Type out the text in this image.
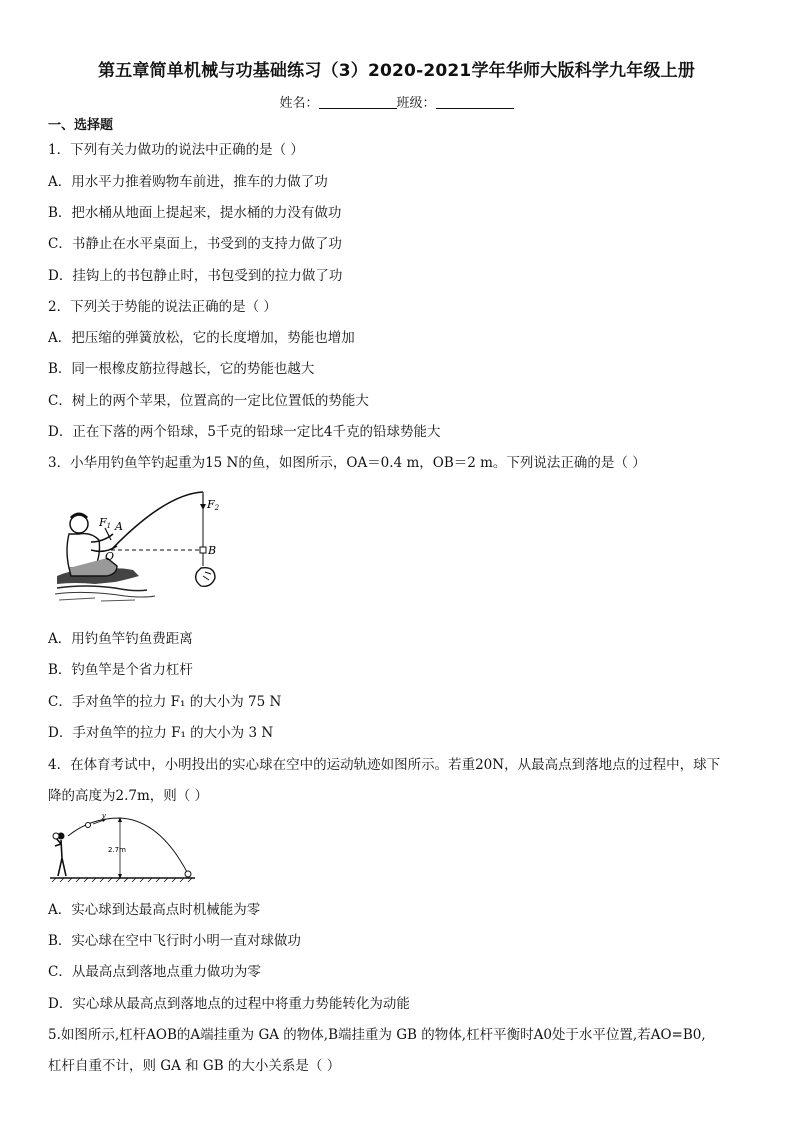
第五章简单机械与功基础练习（3）2020-2021学年华师大版科学九年级上册
姓名：	班级：
一、选择题
1．下列有关力做功的说法中正确的是（ ）
A．用水平力推着购物车前进，推车的力做了功
B．把水桶从地面上提起来，提水桶的力没有做功
C．书静止在水平桌面上，书受到的支持力做了功
D．挂钩上的书包静止时，书包受到的拉力做了功
2．下列关于势能的说法正确的是（ ）
A．把压缩的弹簧放松，它的长度增加，势能也增加
B．同一根橡皮筋拉得越长，它的势能也越大
C．树上的两个苹果，位置高的一定比位置低的势能大
D．正在下落的两个铅球，5千克的铅球一定比4千克的铅球势能大
3．小华用钓鱼竿钓起重为15 N的鱼，如图所示，OA＝0.4 m，OB＝2 m。下列说法正确的是（ ）
F1 A
O	B
F2
A．用钓鱼竿钓鱼费距离
B．钓鱼竿是个省力杠杆
C．手对鱼竿的拉力 F₁ 的大小为 75 N
D．手对鱼竿的拉力 F₁ 的大小为 3 N
4．在体育考试中，小明投出的实心球在空中的运动轨迹如图所示。若重20N，从最高点到落地点的过程中，球下
降的高度为2.7m，则（ ）
v
2.7m
A．实心球到达最高点时机械能为零
B．实心球在空中飞行时小明一直对球做功
C．从最高点到落地点重力做功为零
D．实心球从最高点到落地点的过程中将重力势能转化为动能
5.如图所示,杠杆AOB的A端挂重为 GA 的物体,B端挂重为 GB 的物体,杠杆平衡时A0处于水平位置,若AO=B0,
杠杆自重不计，则 GA 和 GB 的大小关系是（ ）
